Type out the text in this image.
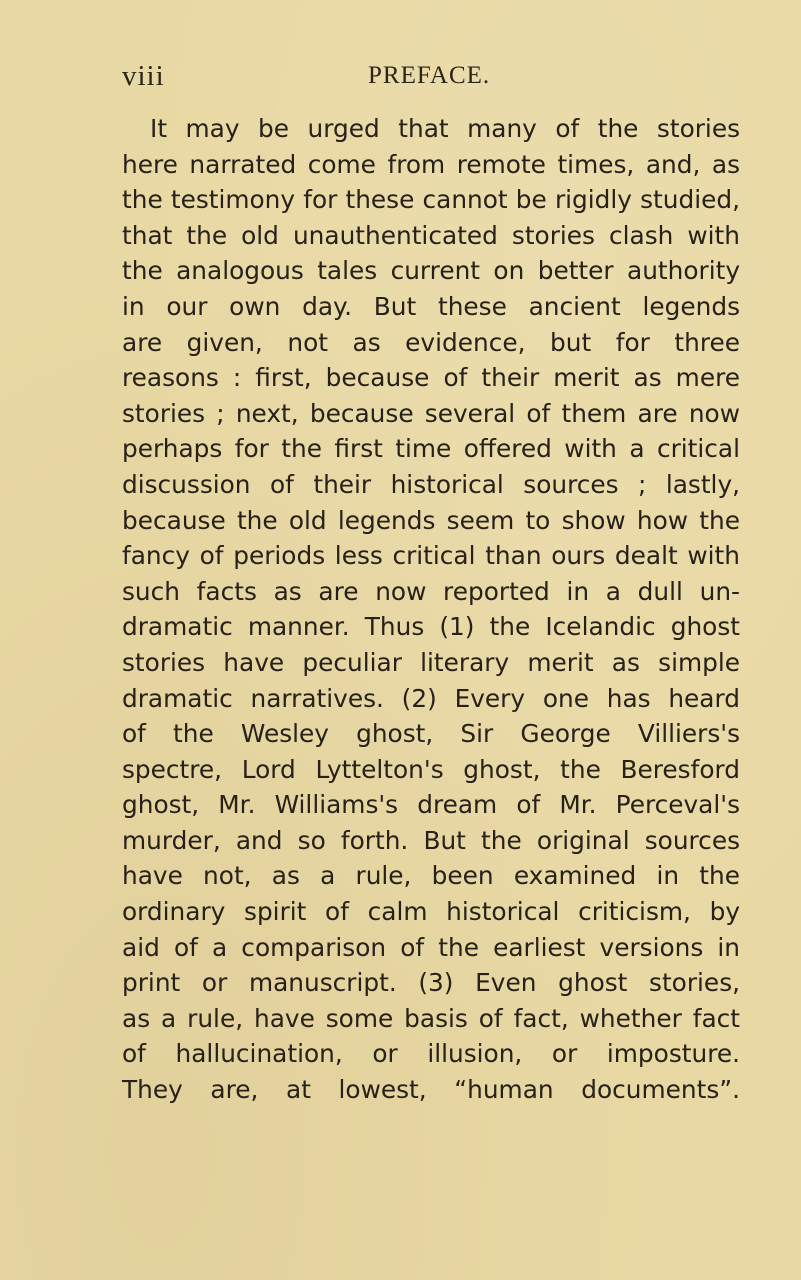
viii	PREFACE.
It may be urged that many of the stories
here narrated come from remote times, and, as
the testimony for these cannot be rigidly studied,
that the old unauthenticated stories clash with
the analogous tales current on better authority
in our own day. But these ancient legends
are given, not as evidence, but for three
reasons : first, because of their merit as mere
stories ; next, because several of them are now
perhaps for the first time offered with a critical
discussion of their historical sources ; lastly,
because the old legends seem to show how the
fancy of periods less critical than ours dealt with
such facts as are now reported in a dull un-
dramatic manner. Thus (1) the Icelandic ghost
stories have peculiar literary merit as simple
dramatic narratives. (2) Every one has heard
of the Wesley ghost, Sir George Villiers's
spectre, Lord Lyttelton's ghost, the Beresford
ghost, Mr. Williams's dream of Mr. Perceval's
murder, and so forth. But the original sources
have not, as a rule, been examined in the
ordinary spirit of calm historical criticism, by
aid of a comparison of the earliest versions in
print or manuscript. (3) Even ghost stories,
as a rule, have some basis of fact, whether fact
of hallucination, or illusion, or imposture.
They are, at lowest, “human documents”.
